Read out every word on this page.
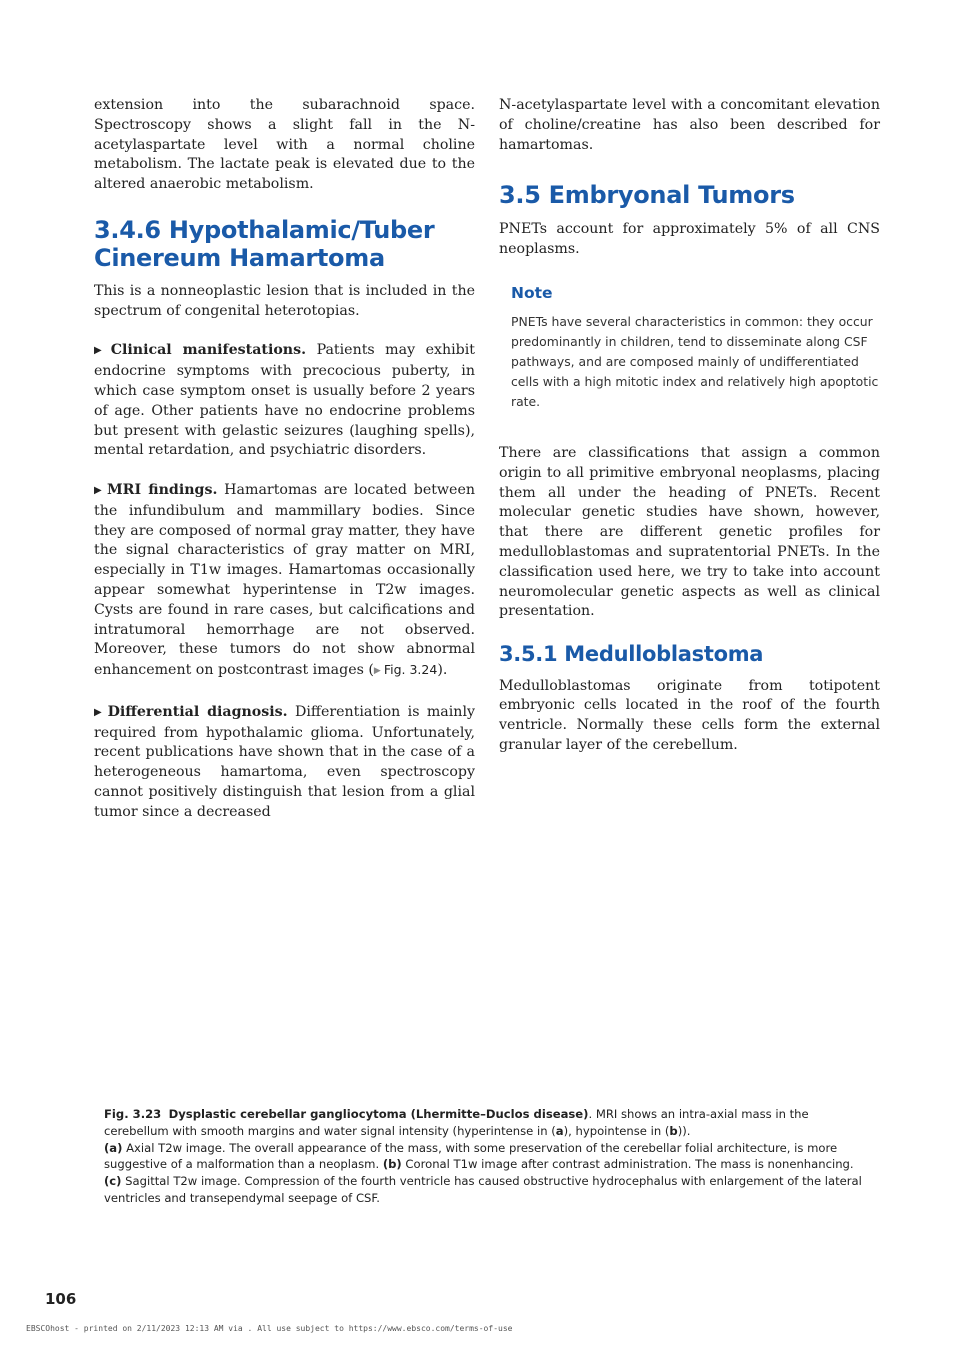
extension into the subarachnoid space. Spectroscopy shows a slight fall in the N-acetylaspartate level with a normal choline metabolism. The lactate peak is elevated due to the altered anaerobic metabolism.

3.4.6 Hypothalamic/Tuber Cinereum Hamartoma

This is a nonneoplastic lesion that is included in the spectrum of congenital heterotopias.

▶ Clinical manifestations. Patients may exhibit endocrine symptoms with precocious puberty, in which case symptom onset is usually before 2 years of age. Other patients have no endocrine problems but present with gelastic seizures (laughing spells), mental retardation, and psychiatric disorders.

▶ MRI findings. Hamartomas are located between the infundibulum and mammillary bodies. Since they are composed of normal gray matter, they have the signal characteristics of gray matter on MRI, especially in T1w images. Hamartomas occasionally appear somewhat hyperintense in T2w images. Cysts are found in rare cases, but calcifications and intratumoral hemorrhage are not observed. Moreover, these tumors do not show abnormal enhancement on postcontrast images (▶ Fig. 3.24).

▶ Differential diagnosis. Differentiation is mainly required from hypothalamic glioma. Unfortunately, recent publications have shown that in the case of a heterogeneous hamartoma, even spectroscopy cannot positively distinguish that lesion from a glial tumor since a decreased

N-acetylaspartate level with a concomitant elevation of choline/creatine has also been described for hamartomas.

3.5 Embryonal Tumors

PNETs account for approximately 5% of all CNS neoplasms.

Note

PNETs have several characteristics in common: they occur predominantly in children, tend to disseminate along CSF pathways, and are composed mainly of undifferentiated cells with a high mitotic index and relatively high apoptotic rate.

There are classifications that assign a common origin to all primitive embryonal neoplasms, placing them all under the heading of PNETs. Recent molecular genetic studies have shown, however, that there are different genetic profiles for medulloblastomas and supratentorial PNETs. In the classification used here, we try to take into account neuromolecular genetic aspects as well as clinical presentation.

3.5.1 Medulloblastoma

Medulloblastomas originate from totipotent embryonic cells located in the roof of the fourth ventricle. Normally these cells form the external granular layer of the cerebellum.

Fig. 3.23 Dysplastic cerebellar gangliocytoma (Lhermitte–Duclos disease). MRI shows an intra-axial mass in the cerebellum with smooth margins and water signal intensity (hyperintense in (a), hypointense in (b)).

(a) Axial T2w image. The overall appearance of the mass, with some preservation of the cerebellar folial architecture, is more suggestive of a malformation than a neoplasm. (b) Coronal T1w image after contrast administration. The mass is nonenhancing. (c) Sagittal T2w image. Compression of the fourth ventricle has caused obstructive hydrocephalus with enlargement of the lateral ventricles and transependymal seepage of CSF.

106
EBSCOhost - printed on 2/11/2023 12:13 AM via . All use subject to https://www.ebsco.com/terms-of-use
